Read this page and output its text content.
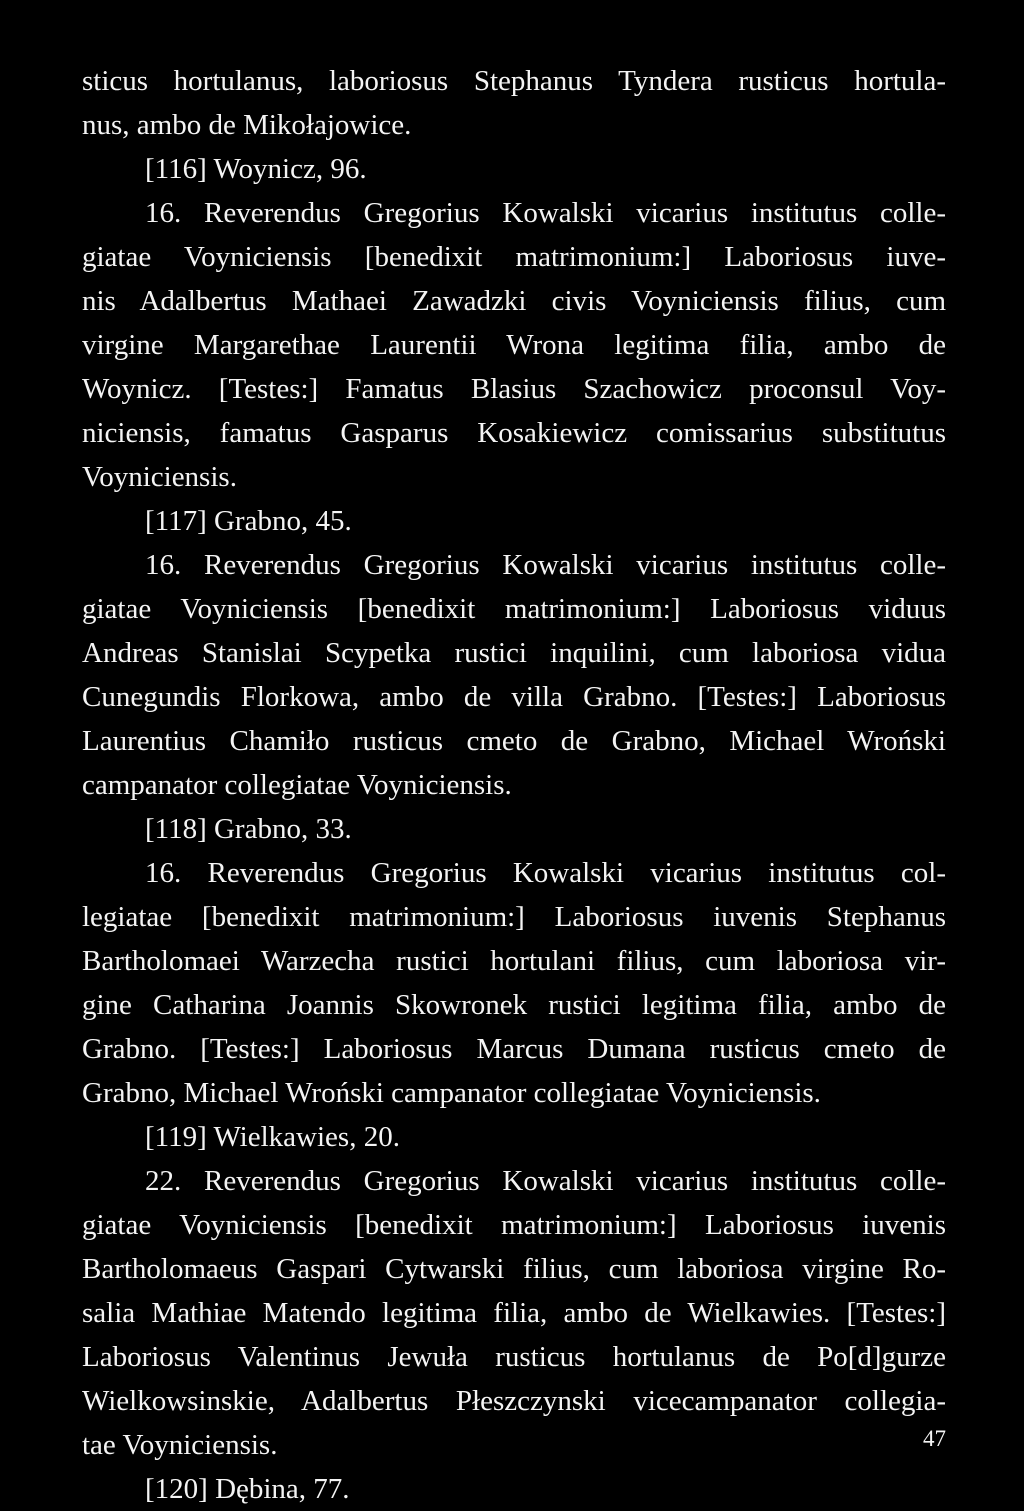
sticus hortulanus, laboriosus Stephanus Tyndera rusticus hortula-
nus, ambo de Mikołajowice.
[116] Woynicz, 96.
16. Reverendus Gregorius Kowalski vicarius institutus colle-
giatae Voyniciensis [benedixit matrimonium:] Laboriosus iuve-
nis Adalbertus Mathaei Zawadzki civis Voyniciensis filius, cum
virgine Margarethae Laurentii Wrona legitima filia, ambo de
Woynicz. [Testes:] Famatus Blasius Szachowicz proconsul Voy-
niciensis, famatus Gasparus Kosakiewicz comissarius substitutus
Voyniciensis.
[117] Grabno, 45.
16. Reverendus Gregorius Kowalski vicarius institutus colle-
giatae Voyniciensis [benedixit matrimonium:] Laboriosus viduus
Andreas Stanislai Scypetka rustici inquilini, cum laboriosa vidua
Cunegundis Florkowa, ambo de villa Grabno. [Testes:] Laboriosus
Laurentius Chamiło rusticus cmeto de Grabno, Michael Wroński
campanator collegiatae Voyniciensis.
[118] Grabno, 33.
16. Reverendus Gregorius Kowalski vicarius institutus col-
legiatae [benedixit matrimonium:] Laboriosus iuvenis Stephanus
Bartholomaei Warzecha rustici hortulani filius, cum laboriosa vir-
gine Catharina Joannis Skowronek rustici legitima filia, ambo de
Grabno. [Testes:] Laboriosus Marcus Dumana rusticus cmeto de
Grabno, Michael Wroński campanator collegiatae Voyniciensis.
[119] Wielkawies, 20.
22. Reverendus Gregorius Kowalski vicarius institutus colle-
giatae Voyniciensis [benedixit matrimonium:] Laboriosus iuvenis
Bartholomaeus Gaspari Cytwarski filius, cum laboriosa virgine Ro-
salia Mathiae Matendo legitima filia, ambo de Wielkawies. [Testes:]
Laboriosus Valentinus Jewuła rusticus hortulanus de Po[d]gurze
Wielkowsinskie, Adalbertus Płeszczynski vicecampanator collegia-
tae Voyniciensis.
[120] Dębina, 77.
47
